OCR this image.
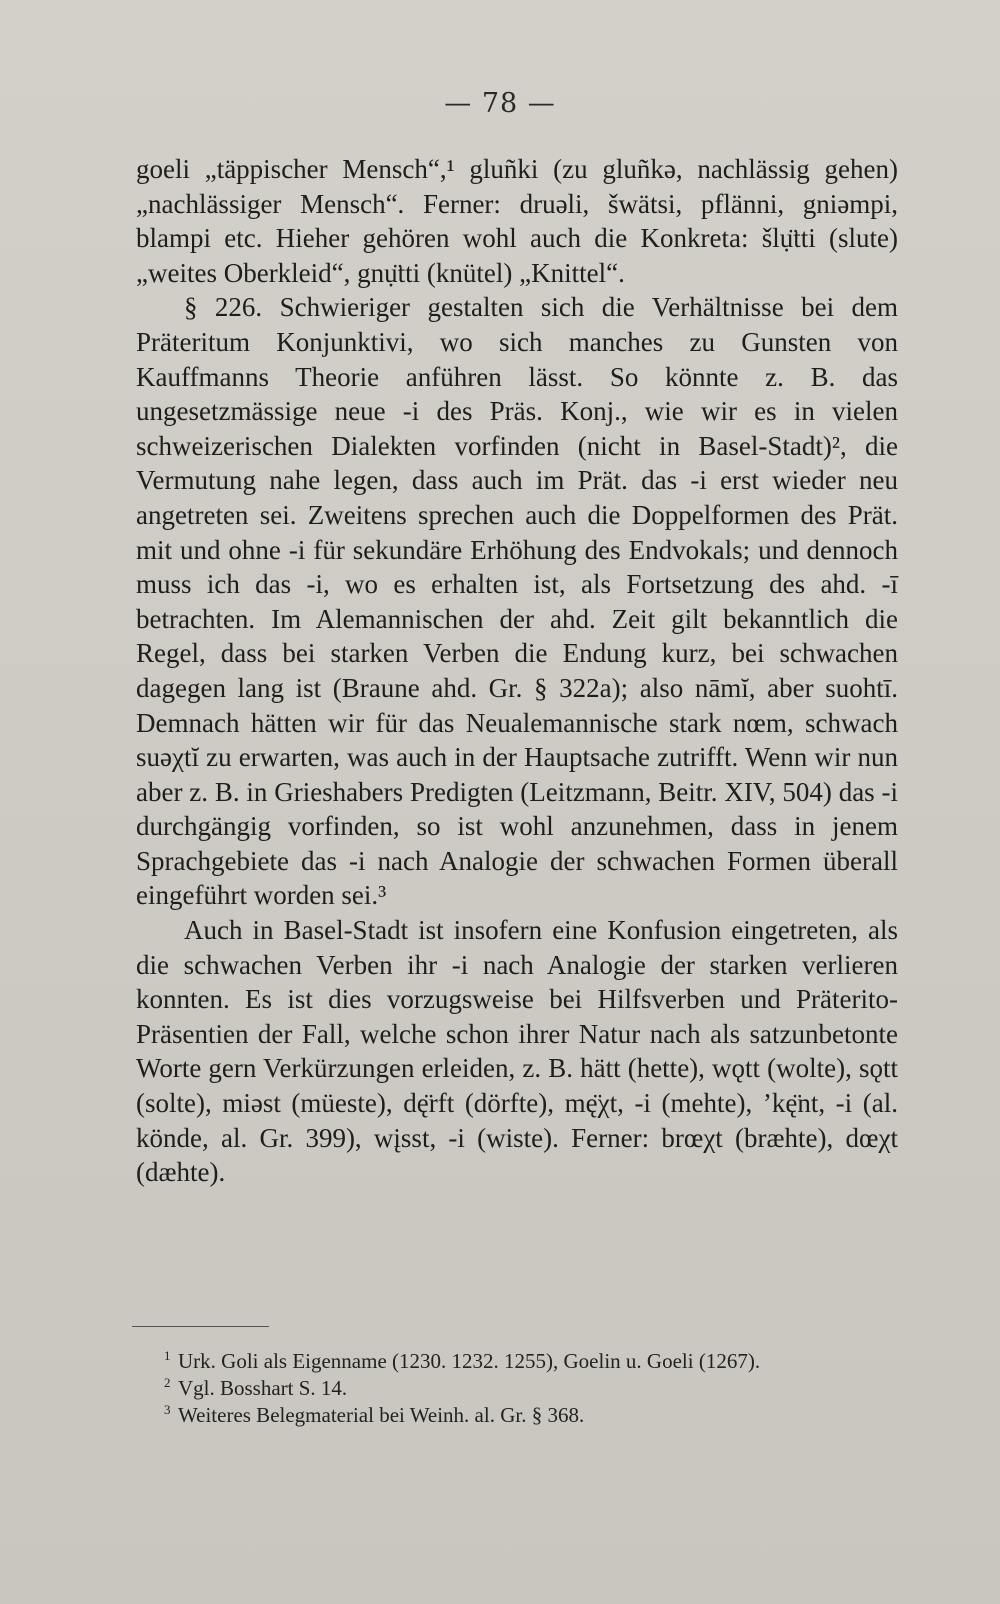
— 78 —

goeli „täppischer Mensch“,¹ gluñki (zu gluñkə, nachlässig gehen) „nachlässiger Mensch“. Ferner: druəli, šwätsi, pflänni, gniəmpi, blampi etc. Hieher gehören wohl auch die Konkreta: šlụ̈tti (slute) „weites Oberkleid“, gnụ̈tti (knütel) „Knittel“.

§ 226. Schwieriger gestalten sich die Verhältnisse bei dem Präteritum Konjunktivi, wo sich manches zu Gunsten von Kauffmanns Theorie anführen lässt. So könnte z. B. das ungesetzmässige neue -i des Präs. Konj., wie wir es in vielen schweizerischen Dialekten vorfinden (nicht in Basel-Stadt)², die Vermutung nahe legen, dass auch im Prät. das -i erst wieder neu angetreten sei. Zweitens sprechen auch die Doppelformen des Prät. mit und ohne -i für sekundäre Erhöhung des Endvokals; und dennoch muss ich das -i, wo es erhalten ist, als Fortsetzung des ahd. -ī betrachten. Im Alemannischen der ahd. Zeit gilt bekanntlich die Regel, dass bei starken Verben die Endung kurz, bei schwachen dagegen lang ist (Braune ahd. Gr. § 322a); also nāmĭ, aber suohtī. Demnach hätten wir für das Neualemannische stark nœm, schwach suəχtĭ zu erwarten, was auch in der Hauptsache zutrifft. Wenn wir nun aber z. B. in Grieshabers Predigten (Leitzmann, Beitr. XIV, 504) das -i durchgängig vorfinden, so ist wohl anzunehmen, dass in jenem Sprachgebiete das -i nach Analogie der schwachen Formen überall eingeführt worden sei.³

Auch in Basel-Stadt ist insofern eine Konfusion eingetreten, als die schwachen Verben ihr -i nach Analogie der starken verlieren konnten. Es ist dies vorzugsweise bei Hilfsverben und Präterito-Präsentien der Fall, welche schon ihrer Natur nach als satzunbetonte Worte gern Verkürzungen erleiden, z. B. hätt (hette), wǫtt (wolte), sǫtt (solte), miəst (müeste), dę̈rft (dörfte), mę̈χt, -i (mehte), ’kę̈nt, -i (al. könde, al. Gr. 399), wįsst, -i (wiste). Ferner: brœχt (bræhte), dœχt (dæhte).

1 Urk. Goli als Eigenname (1230. 1232. 1255), Goelin u. Goeli (1267).
2 Vgl. Bosshart S. 14.
3 Weiteres Belegmaterial bei Weinh. al. Gr. § 368.
